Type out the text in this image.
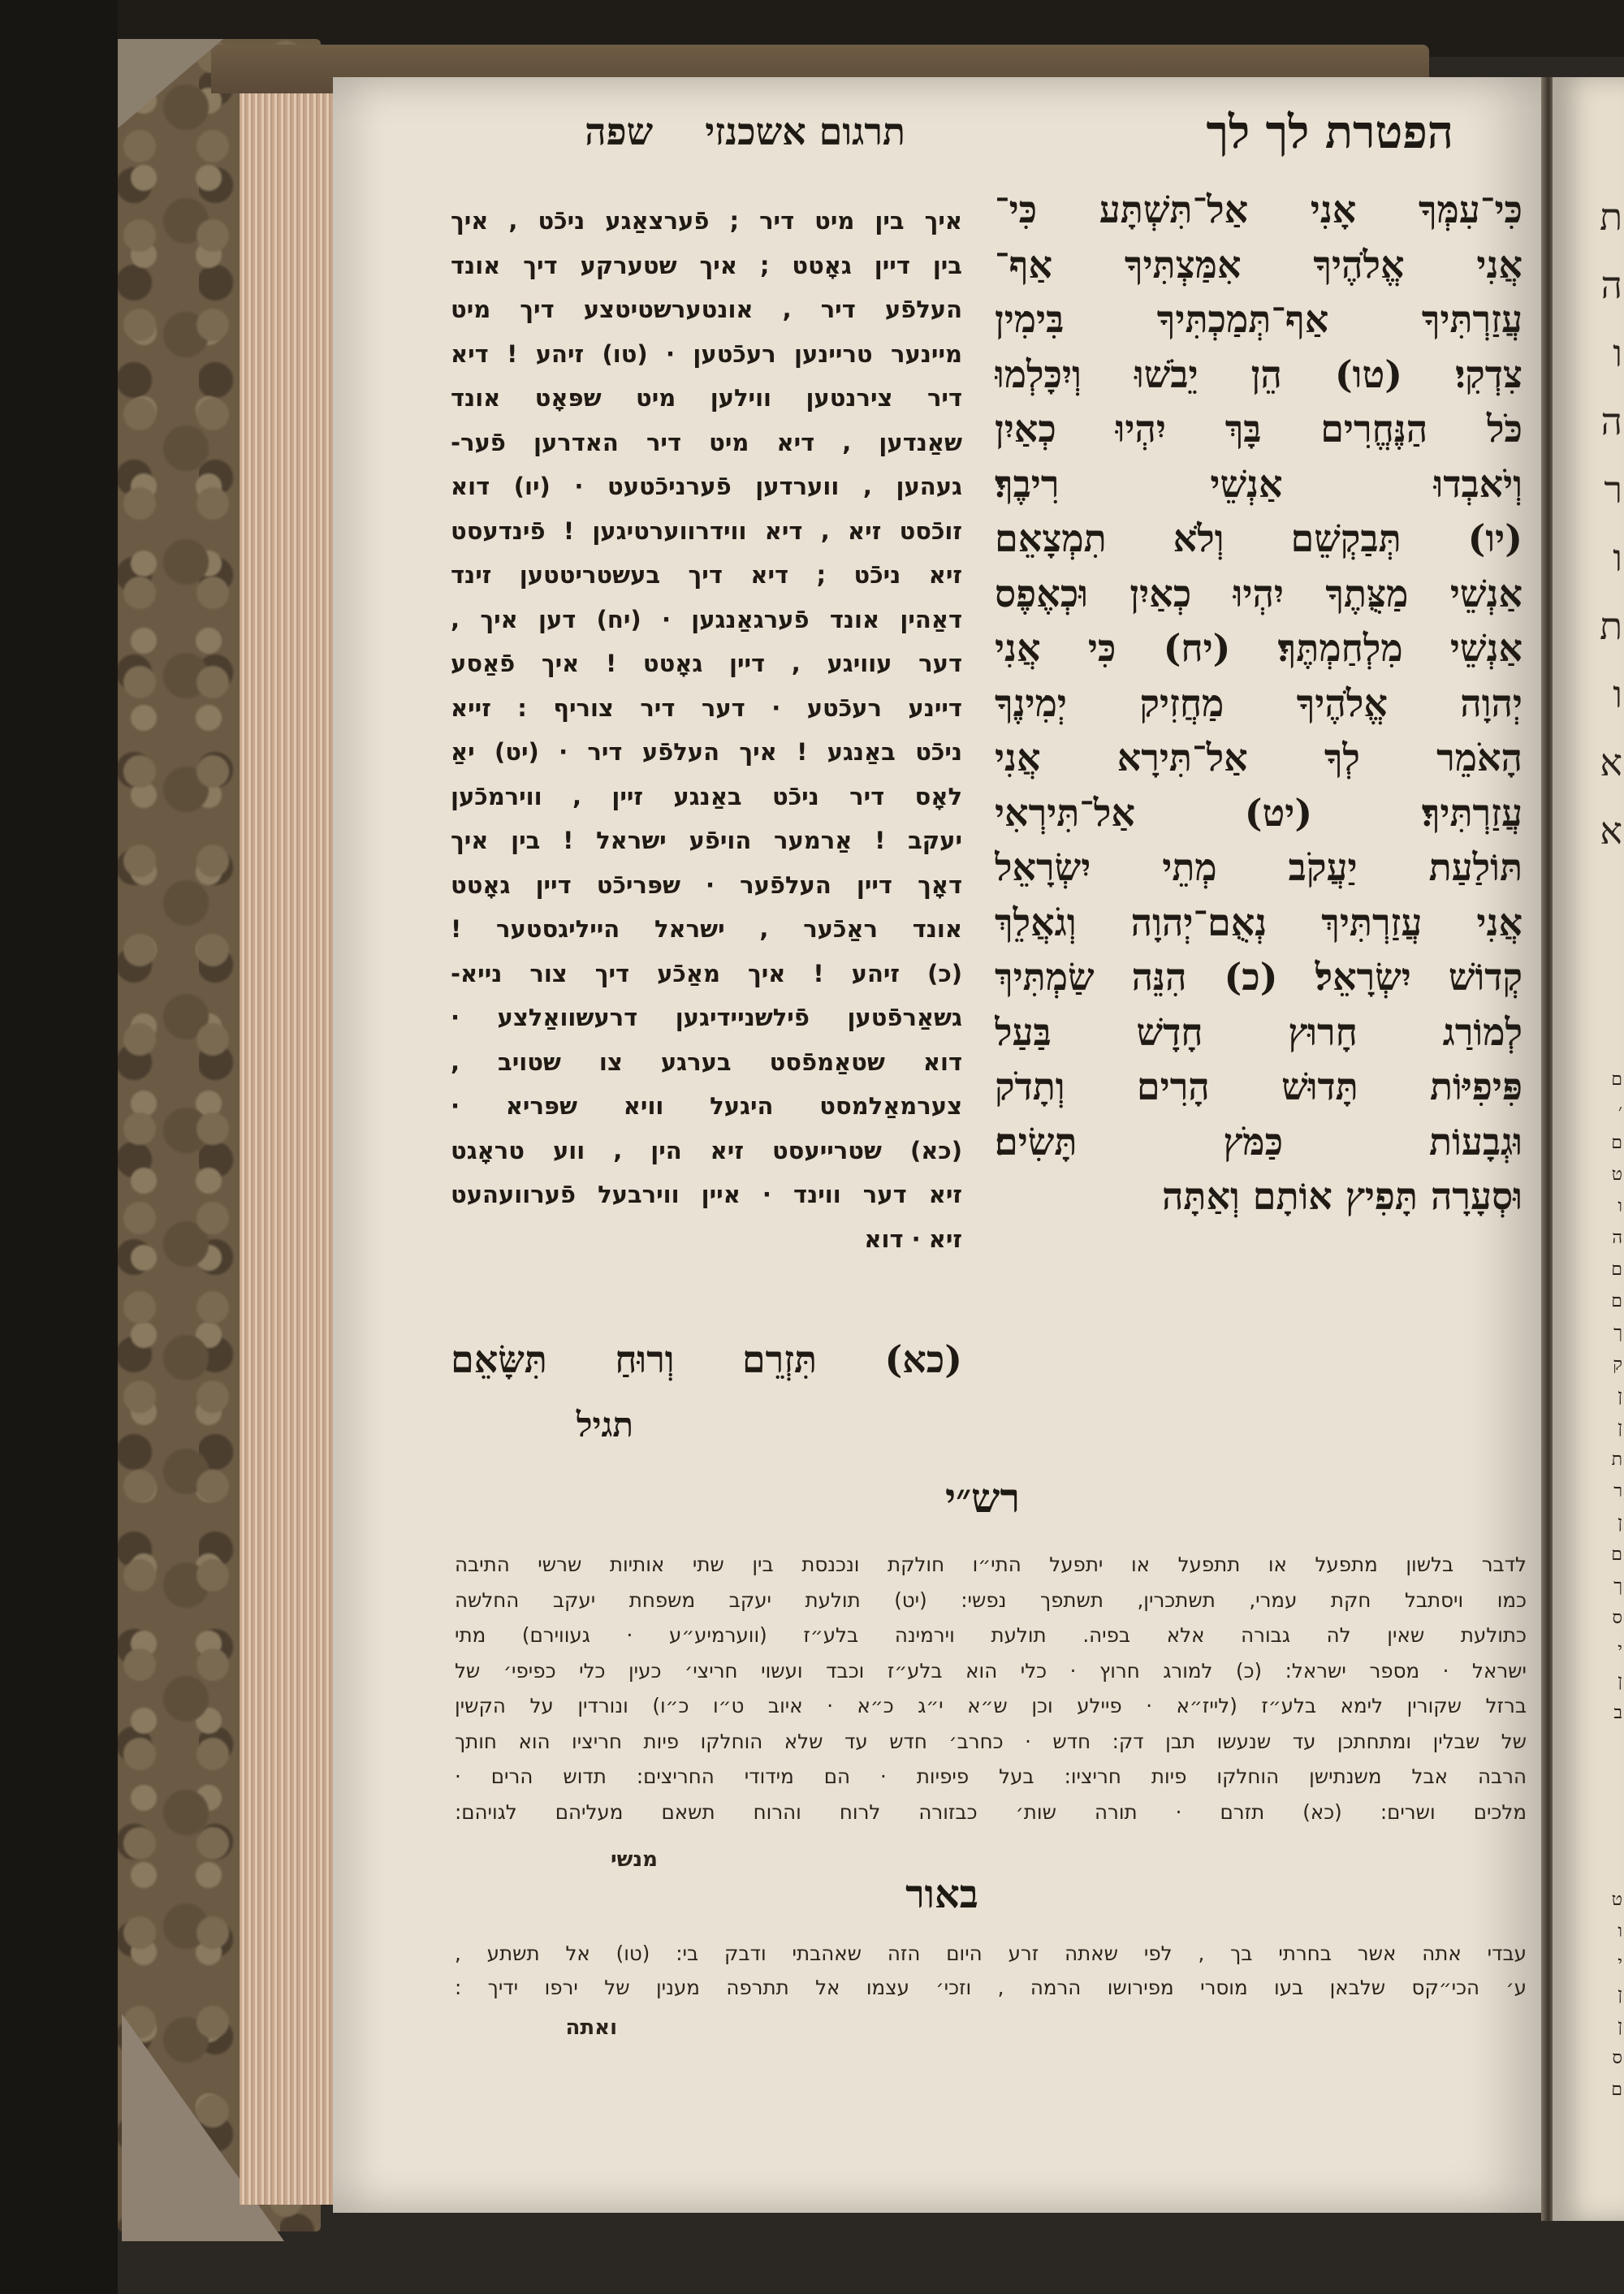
ת
ה
ו
ה
ר
ו
ת
ו
א
א
ם
׳
ם
ט
ו
ה
ם
ם
ך
ק
ן
ן
ת
ר
ן
ם
ך
ס
י
ן
ב
ט
ו
י
ן
ן
ס
ם
תרגום אשכנזי    שפה	הפטרת לך לך
כִּי־עִמְּךָ אָנִי אַל־תִּשְׁתָּע כִּי־
אֲנִי אֱלֹהֶיךָ אִמַּצְתִּיךָ אַף־
עֲזַרְתִּיךָ אַף־תְּמַכְתִּיךָ בִּימִין
צִדְקִי׃ (טו) הֵן יֵבֹשׁוּ וְיִכָּלְמוּ
כֹּל הַנֶּחֱרִים בָּךְ יִהְיוּ כְאַיִן
וְיֹאבְדוּ אַנְשֵׁי רִיבֶךָ׃
(יו) תְּבַקְשֵׁם וְלֹא תִמְצָאֵם
אַנְשֵׁי מַצֻּתֶךָ יִהְיוּ כְאַיִן וּכְאֶפֶס
אַנְשֵׁי מִלְחַמְתֶּךָ׃ (יח) כִּי אֲנִי
יְהוָה אֱלֹהֶיךָ מַחֲזִיק יְמִינֶךָ
הָאֹמֵר לְךָ אַל־תִּירָא אֲנִי
עֲזַרְתִּיךָ׃ (יט) אַל־תִּירְאִי
תּוֹלַעַת יַעֲקֹב מְתֵי יִשְׂרָאֵל
אֲנִי עֲזַרְתִּיךְ נְאֻם־יְהוָה וְגֹאֲלֵךְ
קְדוֹשׁ יִשְׂרָאֵל׃ (כ) הִנֵּה שַׂמְתִּיךְ
לְמוֹרַג חָרוּץ חָדָשׁ בַּעַל
פִּיפִיּוֹת תָּדוּשׁ הָרִים וְתָדֹק
וּגְבָעוֹת כַּמֹּץ תָּשִׂים׃
וּסְעָרָה תָּפִיץ אוֹתָם וְאַתָּה
איך בין מיט דיר ; פֿערצאַגע ניכֿט , איך
בין דיין גאָטט ; איך שטערקע דיך אונד
העלפֿע דיר , אונטערשטיטצע דיך מיט
מיינער טריינען רעכֿטען · (טו) זיהע ! דיא
דיר צירנטען ווילען מיט שפּאָט אונד
שאַנדען , דיא מיט דיר האדרען פֿער-
געהען , ווערדען פֿערניכֿטעט · (יו) דוא
זוכֿסט זיא , דיא ווידרווערטיגען ! פֿינדעסט
זיא ניכֿט ; דיא דיך בעשטריטטען זינד
דאַהין אונד פֿערגאַנגען · (יח) דען איך ,
דער עוויגע , דיין גאָטט ! איך פֿאַסע
דיינע רעכֿטע · דער דיר צוריף : זייא
ניכֿט באַנגע ! איך העלפֿע דיר · (יט) יאַ
לאָס דיר ניכֿט באַנגע זיין , ווירמכֿען
יעקב ! אַרמער הויפֿע ישראל ! בין איך
דאָך דיין העלפֿער · שפּריכֿט דיין גאָטט
אונד ראַכֿער , ישראל הייליגסטער !
(כ) זיהע ! איך מאַכֿע דיך צור נייא-
גשאַרפֿטען פֿילשניידיגען דרעשוואַלצע ·
דוא שטאַמפֿסט בערגע צו שטויב ,
צערמאַלמסט היגעל וויא שפּריא ·
(כא) שטרייעסט זיא הין , ווע טראָגט
זיא דער ווינד · איין ווירבעל פֿערוועהעט
זיא · דוא
(כא) תִּזְרֵם וְרוּחַ תִּשָּׂאֵם
תגיל
רש״י
לדבר בלשון מתפעל או תתפעל או יתפעל התי״ו חולקת ונכנסת בין שתי אותיות שרשי התיבה
כמו ויסתבל חקת עמרי, תשתכרין, תשתפך נפשי: (יט) תולעת יעקב משפחת יעקב החלשה
כתולעת שאין לה גבורה אלא בפיה. תולעת וירמינה בלע״ז (ווערמיע״ע · געווירם) מתי
ישראל · מספר ישראל: (כ) למורג חרוץ · כלי הוא בלע״ז וכבד ועשוי חריצי׳ כעין כלי כפיפי׳ של
ברזל שקורין לימא בלע״ז (לייז״א · פיילע וכן ש״א י״ג כ״א · איוב ט״ו כ״ו) ונורדין על הקשין
של שבלין ומתחתכן עד שנעשו תבן דק: חדש · כחרב׳ חדש עד שלא הוחלקו פיות חריציו הוא חותך
הרבה אבל משנתישן הוחלקו פיות חריציו: בעל פיפיות · הם מידודי החריצים: תדוש הרים ·
מלכים ושרים: (כא) תזרם · תורה שות׳ כבזורה לרוח והרוח תשאם מעליהם לגויהם:
מנשי
באור
עבדי אתה אשר בחרתי בך , לפי שאתה זרע היום הזה שאהבתי ודבק בי: (טו) אל תשתע ,
ע׳ הכי״קס שלבאן בעו מוסרי מפירושו הרמה , וזכי׳ עצמו אל תתרפה מענין של ירפו ידיך :
ואתה
